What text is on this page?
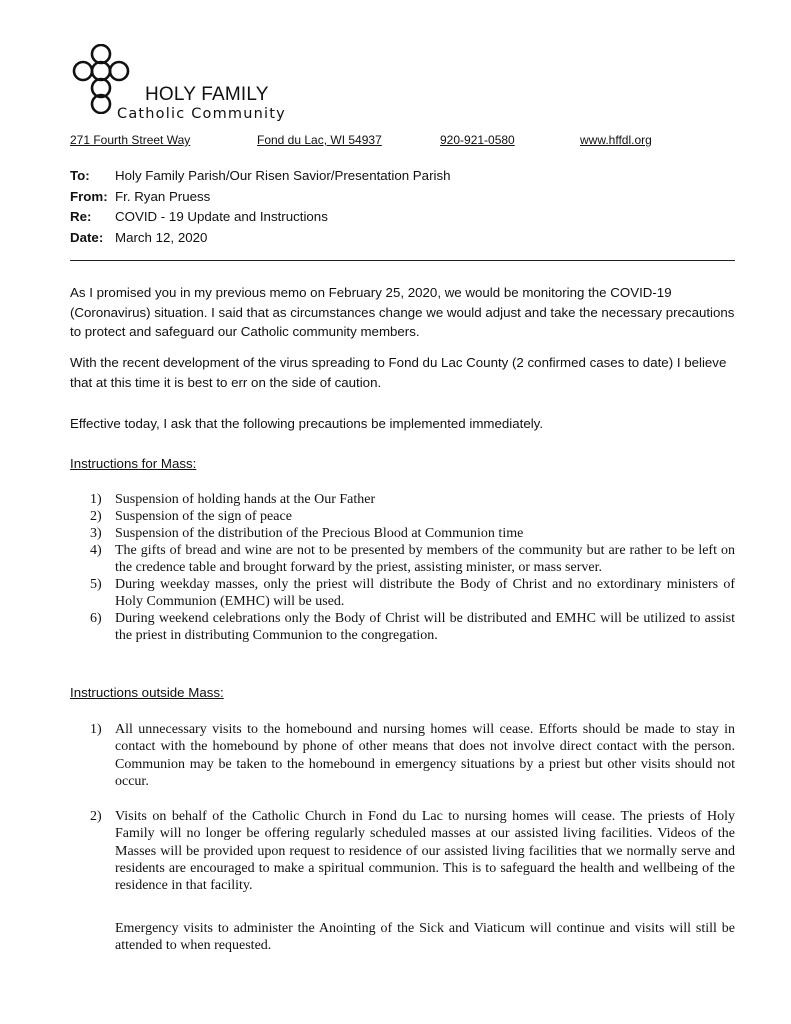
HOLY FAMILY
Catholic Community
271 Fourth Street Way	Fond du Lac, WI 54937	920-921-0580	www.hffdl.org
To:	Holy Family Parish/Our Risen Savior/Presentation Parish
From: Fr. Ryan Pruess
Re:	COVID - 19 Update and Instructions
Date: March 12, 2020

As I promised you in my previous memo on February 25, 2020, we would be monitoring the COVID-19 (Coronavirus) situation. I said that as circumstances change we would adjust and take the necessary precautions to protect and safeguard our Catholic community members.

With the recent development of the virus spreading to Fond du Lac County (2 confirmed cases to date) I believe that at this time it is best to err on the side of caution.

Effective today, I ask that the following precautions be implemented immediately.

Instructions for Mass:

1) Suspension of holding hands at the Our Father
2) Suspension of the sign of peace
3) Suspension of the distribution of the Precious Blood at Communion time
4) The gifts of bread and wine are not to be presented by members of the community but are rather to be left on the credence table and brought forward by the priest, assisting minister, or mass server.
5) During weekday masses, only the priest will distribute the Body of Christ and no extordinary ministers of Holy Communion (EMHC) will be used.
6) During weekend celebrations only the Body of Christ will be distributed and EMHC will be utilized to assist the priest in distributing Communion to the congregation.

Instructions outside Mass:

1) All unnecessary visits to the homebound and nursing homes will cease. Efforts should be made to stay in contact with the homebound by phone of other means that does not involve direct contact with the person. Communion may be taken to the homebound in emergency situations by a priest but other visits should not occur.
2) Visits on behalf of the Catholic Church in Fond du Lac to nursing homes will cease. The priests of Holy Family will no longer be offering regularly scheduled masses at our assisted living facilities. Videos of the Masses will be provided upon request to residence of our assisted living facilities that we normally serve and residents are encouraged to make a spiritual communion. This is to safeguard the health and wellbeing of the residence in that facility.

Emergency visits to administer the Anointing of the Sick and Viaticum will continue and visits will still be attended to when requested.
